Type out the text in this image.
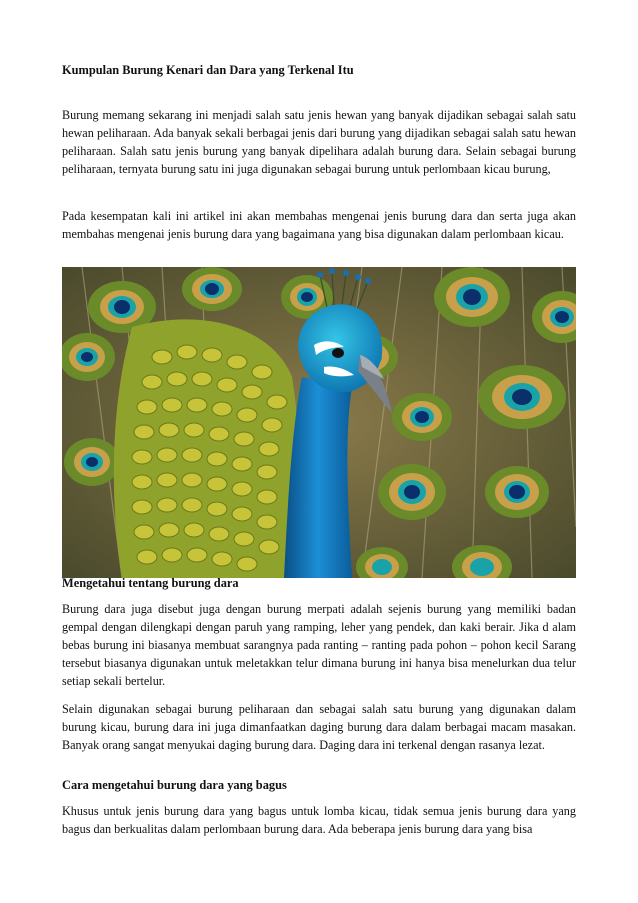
Kumpulan Burung Kenari dan Dara yang Terkenal Itu

Burung memang sekarang ini menjadi salah satu jenis hewan yang banyak dijadikan sebagai salah satu hewan peliharaan. Ada banyak sekali berbagai jenis dari burung yang dijadikan sebagai salah satu hewan peliharaan. Salah satu jenis burung yang banyak dipelihara adalah burung dara. Selain sebagai burung peliharaan, ternyata burung satu ini juga digunakan sebagai burung untuk perlombaan kicau burung,

Pada kesempatan kali ini artikel ini akan membahas mengenai jenis burung dara dan serta juga akan membahas mengenai jenis burung dara yang bagaimana yang bisa digunakan dalam perlombaan kicau.

Mengetahui tentang burung dara

Burung dara juga disebut juga dengan burung merpati adalah sejenis burung yang memiliki badan gempal dengan dilengkapi dengan paruh yang ramping, leher yang pendek, dan kaki berair. Jika d alam bebas burung ini biasanya membuat sarangnya pada ranting – ranting pada pohon – pohon kecil Sarang tersebut biasanya digunakan untuk meletakkan telur dimana burung ini hanya bisa menelurkan dua telur setiap sekali bertelur.

Selain digunakan sebagai burung peliharaan dan sebagai salah satu burung yang digunakan dalam burung kicau, burung dara ini juga dimanfaatkan daging burung dara dalam berbagai macam masakan. Banyak orang sangat menyukai daging burung dara. Daging dara ini terkenal dengan rasanya lezat.

Cara mengetahui burung dara yang bagus

Khusus untuk jenis burung dara yang bagus untuk lomba kicau, tidak semua jenis burung dara yang bagus dan berkualitas dalam perlombaan burung dara. Ada beberapa jenis burung dara yang bisa
